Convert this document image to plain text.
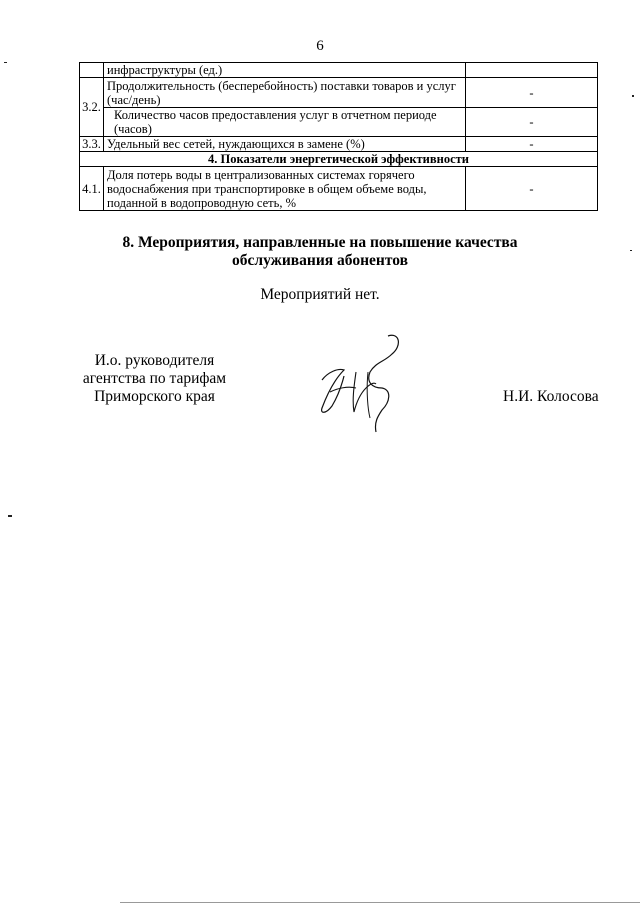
6
	инфраструктуры (ед.)	
3.2.	Продолжительность (бесперебойность) поставки товаров и услуг (час/день)	-
	Количество часов предоставления услуг в отчетном периоде (часов)	-
3.3.	Удельный вес сетей, нуждающихся в замене (%)	-
4. Показатели энергетической эффективности		
4.1.	Доля потерь воды в централизованных системах горячего водоснабжения при транспортировке в общем объеме воды, поданной в водопроводную сеть, %	-
8. Мероприятия, направленные на повышение качества
обслуживания абонентов
Мероприятий нет.
И.о. руководителя
агентства по тарифам
Приморского края	Н.И. Колосова
